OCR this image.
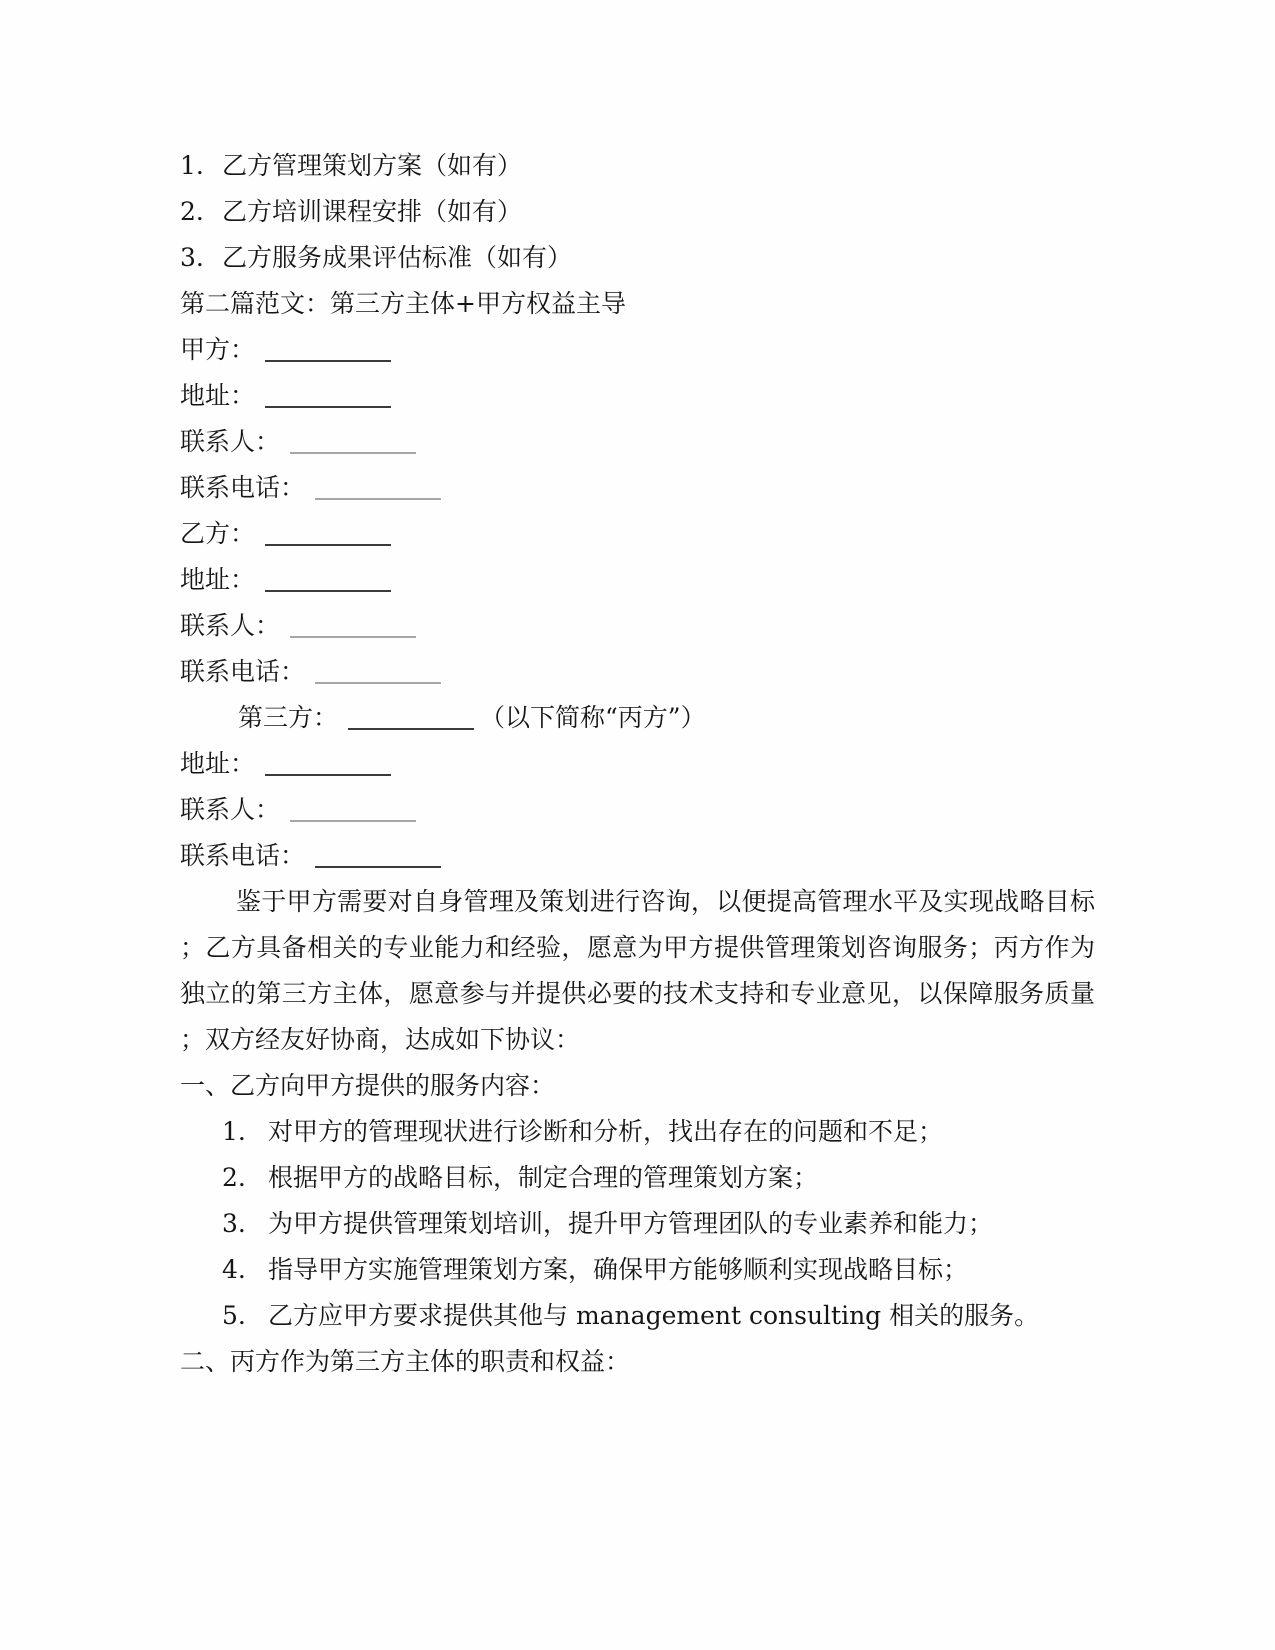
1. 乙方管理策划方案（如有）
2. 乙方培训课程安排（如有）
3. 乙方服务成果评估标准（如有）
第二篇范文：第三方主体+甲方权益主导
甲方：
地址：
联系人：
联系电话：
乙方：
地址：
联系人：
联系电话：
第三方：	（以下简称“丙方”）
地址：
联系人：
联系电话：
鉴于甲方需要对自身管理及策划进行咨询，以便提高管理水平及实现战略目标
；乙方具备相关的专业能力和经验，愿意为甲方提供管理策划咨询服务；丙方作为
独立的第三方主体，愿意参与并提供必要的技术支持和专业意见，以保障服务质量
；双方经友好协商，达成如下协议：
一、乙方向甲方提供的服务内容：
1. 对甲方的管理现状进行诊断和分析，找出存在的问题和不足；
2. 根据甲方的战略目标，制定合理的管理策划方案；
3. 为甲方提供管理策划培训，提升甲方管理团队的专业素养和能力；
4. 指导甲方实施管理策划方案，确保甲方能够顺利实现战略目标；
5. 乙方应甲方要求提供其他与 management consulting 相关的服务。
二、丙方作为第三方主体的职责和权益：
